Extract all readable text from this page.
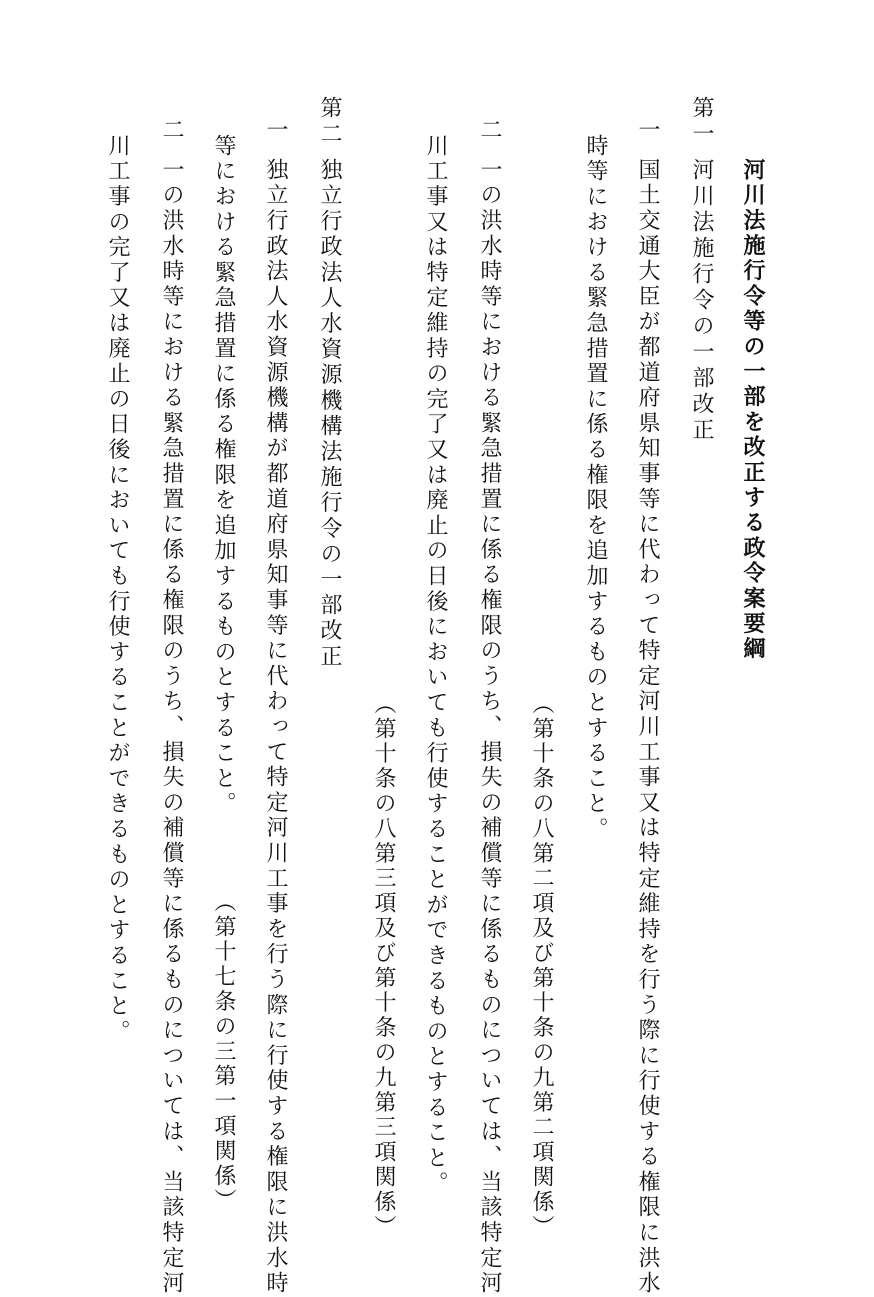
河川法施行令等の一部を改正する政令案要綱
第一
河川法施行令の一部改正
一
国土交通大臣が都道府県知事等に代わって特定河川工事又は特定維持を行う際に行使する権限に洪水
時等における緊急措置に係る権限を追加するものとすること。
（第十条の八第二項及び第十条の九第二項関係）
二
一の洪水時等における緊急措置に係る権限のうち、損失の補償等に係るものについては、当該特定河
川工事又は特定維持の完了又は廃止の日後においても行使することができるものとすること。
（第十条の八第三項及び第十条の九第三項関係）
第二
独立行政法人水資源機構法施行令の一部改正
一
独立行政法人水資源機構が都道府県知事等に代わって特定河川工事を行う際に行使する権限に洪水時
等における緊急措置に係る権限を追加するものとすること。
（第十七条の三第一項関係）
二
一の洪水時等における緊急措置に係る権限のうち、損失の補償等に係るものについては、当該特定河
川工事の完了又は廃止の日後においても行使することができるものとすること。
